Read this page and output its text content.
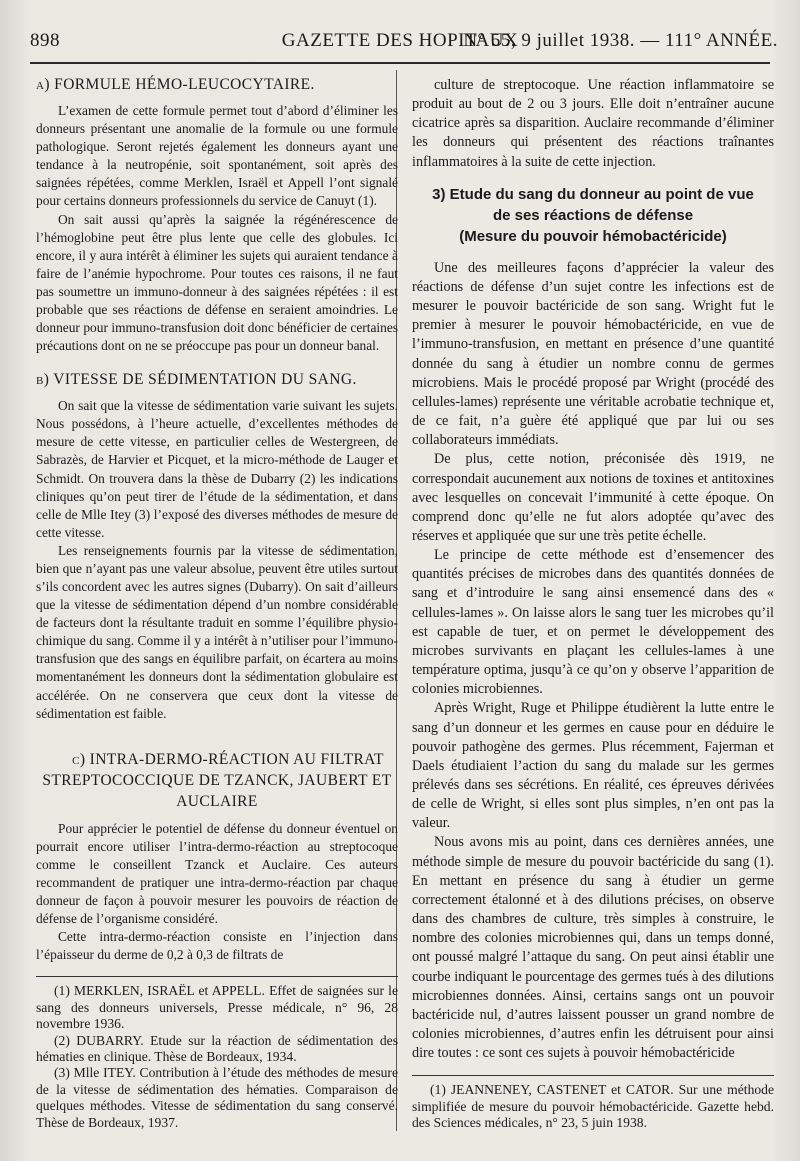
898	GAZETTE DES HOPITAUX
N° 55, 9 juillet 1938. — 111° ANNÉE.

a) FORMULE HÉMO-LEUCOCYTAIRE.

L’examen de cette formule permet tout d’abord d’éliminer les donneurs présentant une anomalie de la formule ou une formule pathologique. Seront rejetés également les donneurs ayant une tendance à la neutropénie, soit spontanément, soit après des saignées répétées, comme Merklen, Israël et Appell l’ont signalé pour certains donneurs professionnels du service de Canuyt (1).

On sait aussi qu’après la saignée la régénérescence de l’hémoglobine peut être plus lente que celle des globules. Ici encore, il y aura intérêt à éliminer les sujets qui auraient tendance à faire de l’anémie hypochrome. Pour toutes ces raisons, il ne faut pas soumettre un immuno-donneur à des saignées répétées : il est probable que ses réactions de défense en seraient amoindries. Le donneur pour immuno-transfusion doit donc bénéficier de certaines précautions dont on ne se préoccupe pas pour un donneur banal.

b) VITESSE DE SÉDIMENTATION DU SANG.

On sait que la vitesse de sédimentation varie suivant les sujets. Nous possédons, à l’heure actuelle, d’excellentes méthodes de mesure de cette vitesse, en particulier celles de Westergreen, de Sabrazès, de Harvier et Picquet, et la micro-méthode de Lauger et Schmidt. On trouvera dans la thèse de Dubarry (2) les indications cliniques qu’on peut tirer de l’étude de la sédimentation, et dans celle de Mlle Itey (3) l’exposé des diverses méthodes de mesure de cette vitesse.

Les renseignements fournis par la vitesse de sédimentation, bien que n’ayant pas une valeur absolue, peuvent être utiles surtout s’ils concordent avec les autres signes (Dubarry). On sait d’ailleurs que la vitesse de sédimentation dépend d’un nombre considérable de facteurs dont la résultante traduit en somme l’équilibre physio-chimique du sang. Comme il y a intérêt à n’utiliser pour l’immuno-transfusion que des sangs en équilibre parfait, on écartera au moins momentanément les donneurs dont la sédimentation globulaire est accélérée. On ne conservera que ceux dont la vitesse de sédimentation est faible.

c) INTRA-DERMO-RÉACTION AU FILTRAT STREPTOCOCCIQUE DE TZANCK, JAUBERT ET AUCLAIRE

Pour apprécier le potentiel de défense du donneur éventuel on pourrait encore utiliser l’intra-dermo-réaction au streptocoque comme le conseillent Tzanck et Auclaire. Ces auteurs recommandent de pratiquer une intra-dermo-réaction par chaque donneur de façon à pouvoir mesurer les pouvoirs de réaction de défense de l’organisme considéré.

Cette intra-dermo-réaction consiste en l’injection dans l’épaisseur du derme de 0,2 à 0,3 de filtrats de

(1) MERKLEN, ISRAËL et APPELL. Effet de saignées sur le sang des donneurs universels, Presse médicale, n° 96, 28 novembre 1936.

(2) DUBARRY. Etude sur la réaction de sédimentation des hématies en clinique. Thèse de Bordeaux, 1934.

(3) Mlle ITEY. Contribution à l’étude des méthodes de mesure de la vitesse de sédimentation des hématies. Comparaison de quelques méthodes. Vitesse de sédimentation du sang conservé. Thèse de Bordeaux, 1937.

culture de streptocoque. Une réaction inflammatoire se produit au bout de 2 ou 3 jours. Elle doit n’entraîner aucune cicatrice après sa disparition. Auclaire recommande d’éliminer les donneurs qui présentent des réactions traînantes inflammatoires à la suite de cette injection.

3) Etude du sang du donneur au point de vue
de ses réactions de défense
(Mesure du pouvoir hémobactéricide)

Une des meilleures façons d’apprécier la valeur des réactions de défense d’un sujet contre les infections est de mesurer le pouvoir bactéricide de son sang. Wright fut le premier à mesurer le pouvoir hémobactéricide, en vue de l’immuno-transfusion, en mettant en présence d’une quantité donnée du sang à étudier un nombre connu de germes microbiens. Mais le procédé proposé par Wright (procédé des cellules-lames) représente une véritable acrobatie technique et, de ce fait, n’a guère été appliqué que par lui ou ses collaborateurs immédiats.

De plus, cette notion, préconisée dès 1919, ne correspondait aucunement aux notions de toxines et antitoxines avec lesquelles on concevait l’immunité à cette époque. On comprend donc qu’elle ne fut alors adoptée qu’avec des réserves et appliquée que sur une très petite échelle.

Le principe de cette méthode est d’ensemencer des quantités précises de microbes dans des quantités données de sang et d’introduire le sang ainsi ensemencé dans des « cellules-lames ». On laisse alors le sang tuer les microbes qu’il est capable de tuer, et on permet le développement des microbes survivants en plaçant les cellules-lames à une température optima, jusqu’à ce qu’on y observe l’apparition de colonies microbiennes.

Après Wright, Ruge et Philippe étudièrent la lutte entre le sang d’un donneur et les germes en cause pour en déduire le pouvoir pathogène des germes. Plus récemment, Fajerman et Daels étudiaient l’action du sang du malade sur les germes prélevés dans ses sécrétions. En réalité, ces épreuves dérivées de celle de Wright, si elles sont plus simples, n’en ont pas la valeur.

Nous avons mis au point, dans ces dernières années, une méthode simple de mesure du pouvoir bactéricide du sang (1). En mettant en présence du sang à étudier un germe correctement étalonné et à des dilutions précises, on observe dans des chambres de culture, très simples à construire, le nombre des colonies microbiennes qui, dans un temps donné, ont poussé malgré l’attaque du sang. On peut ainsi établir une courbe indiquant le pourcentage des germes tués à des dilutions microbiennes données. Ainsi, certains sangs ont un pouvoir bactéricide nul, d’autres laissent pousser un grand nombre de colonies microbiennes, d’autres enfin les détruisent pour ainsi dire toutes : ce sont ces sujets à pouvoir hémobactéricide

(1) JEANNENEY, CASTENET et CATOR. Sur une méthode simplifiée de mesure du pouvoir hémobactéricide. Gazette hebd. des Sciences médicales, n° 23, 5 juin 1938.
